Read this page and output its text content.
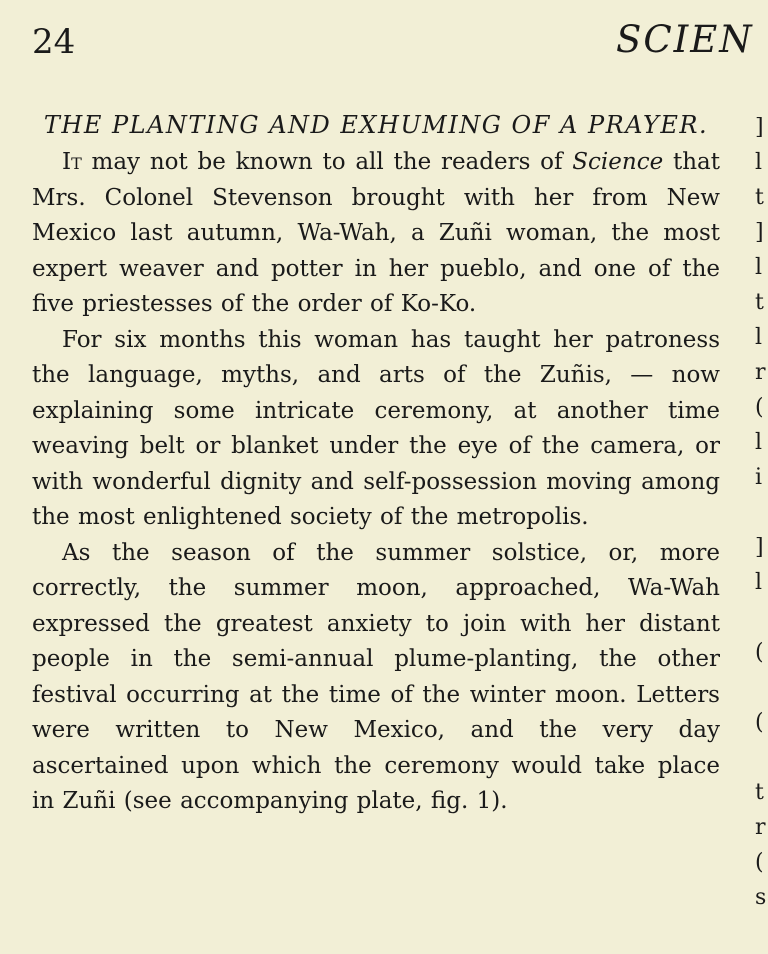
24	SCIEN
THE PLANTING AND EXHUMING OF A PRAYER.

It may not be known to all the readers of Science that Mrs. Colonel Stevenson brought with her from New Mexico last autumn, Wa-Wah, a Zuñi woman, the most expert weaver and potter in her pueblo, and one of the five priestesses of the order of Ko-Ko.

For six months this woman has taught her patroness the language, myths, and arts of the Zuñis, — now explaining some intricate ceremony, at another time weaving belt or blanket under the eye of the camera, or with wonderful dignity and self-possession moving among the most enlightened society of the metropolis.

As the season of the summer solstice, or, more correctly, the summer moon, approached, Wa-Wah expressed the greatest anxiety to join with her distant people in the semi-annual plume-planting, the other festival occurring at the time of the winter moon. Letters were written to New Mexico, and the very day ascertained upon which the ceremony would take place in Zuñi (see accompanying plate, fig. 1).

]
l
t
]
l
t
l
r
(
l
i
]
l
(
(
t
r
(
s
